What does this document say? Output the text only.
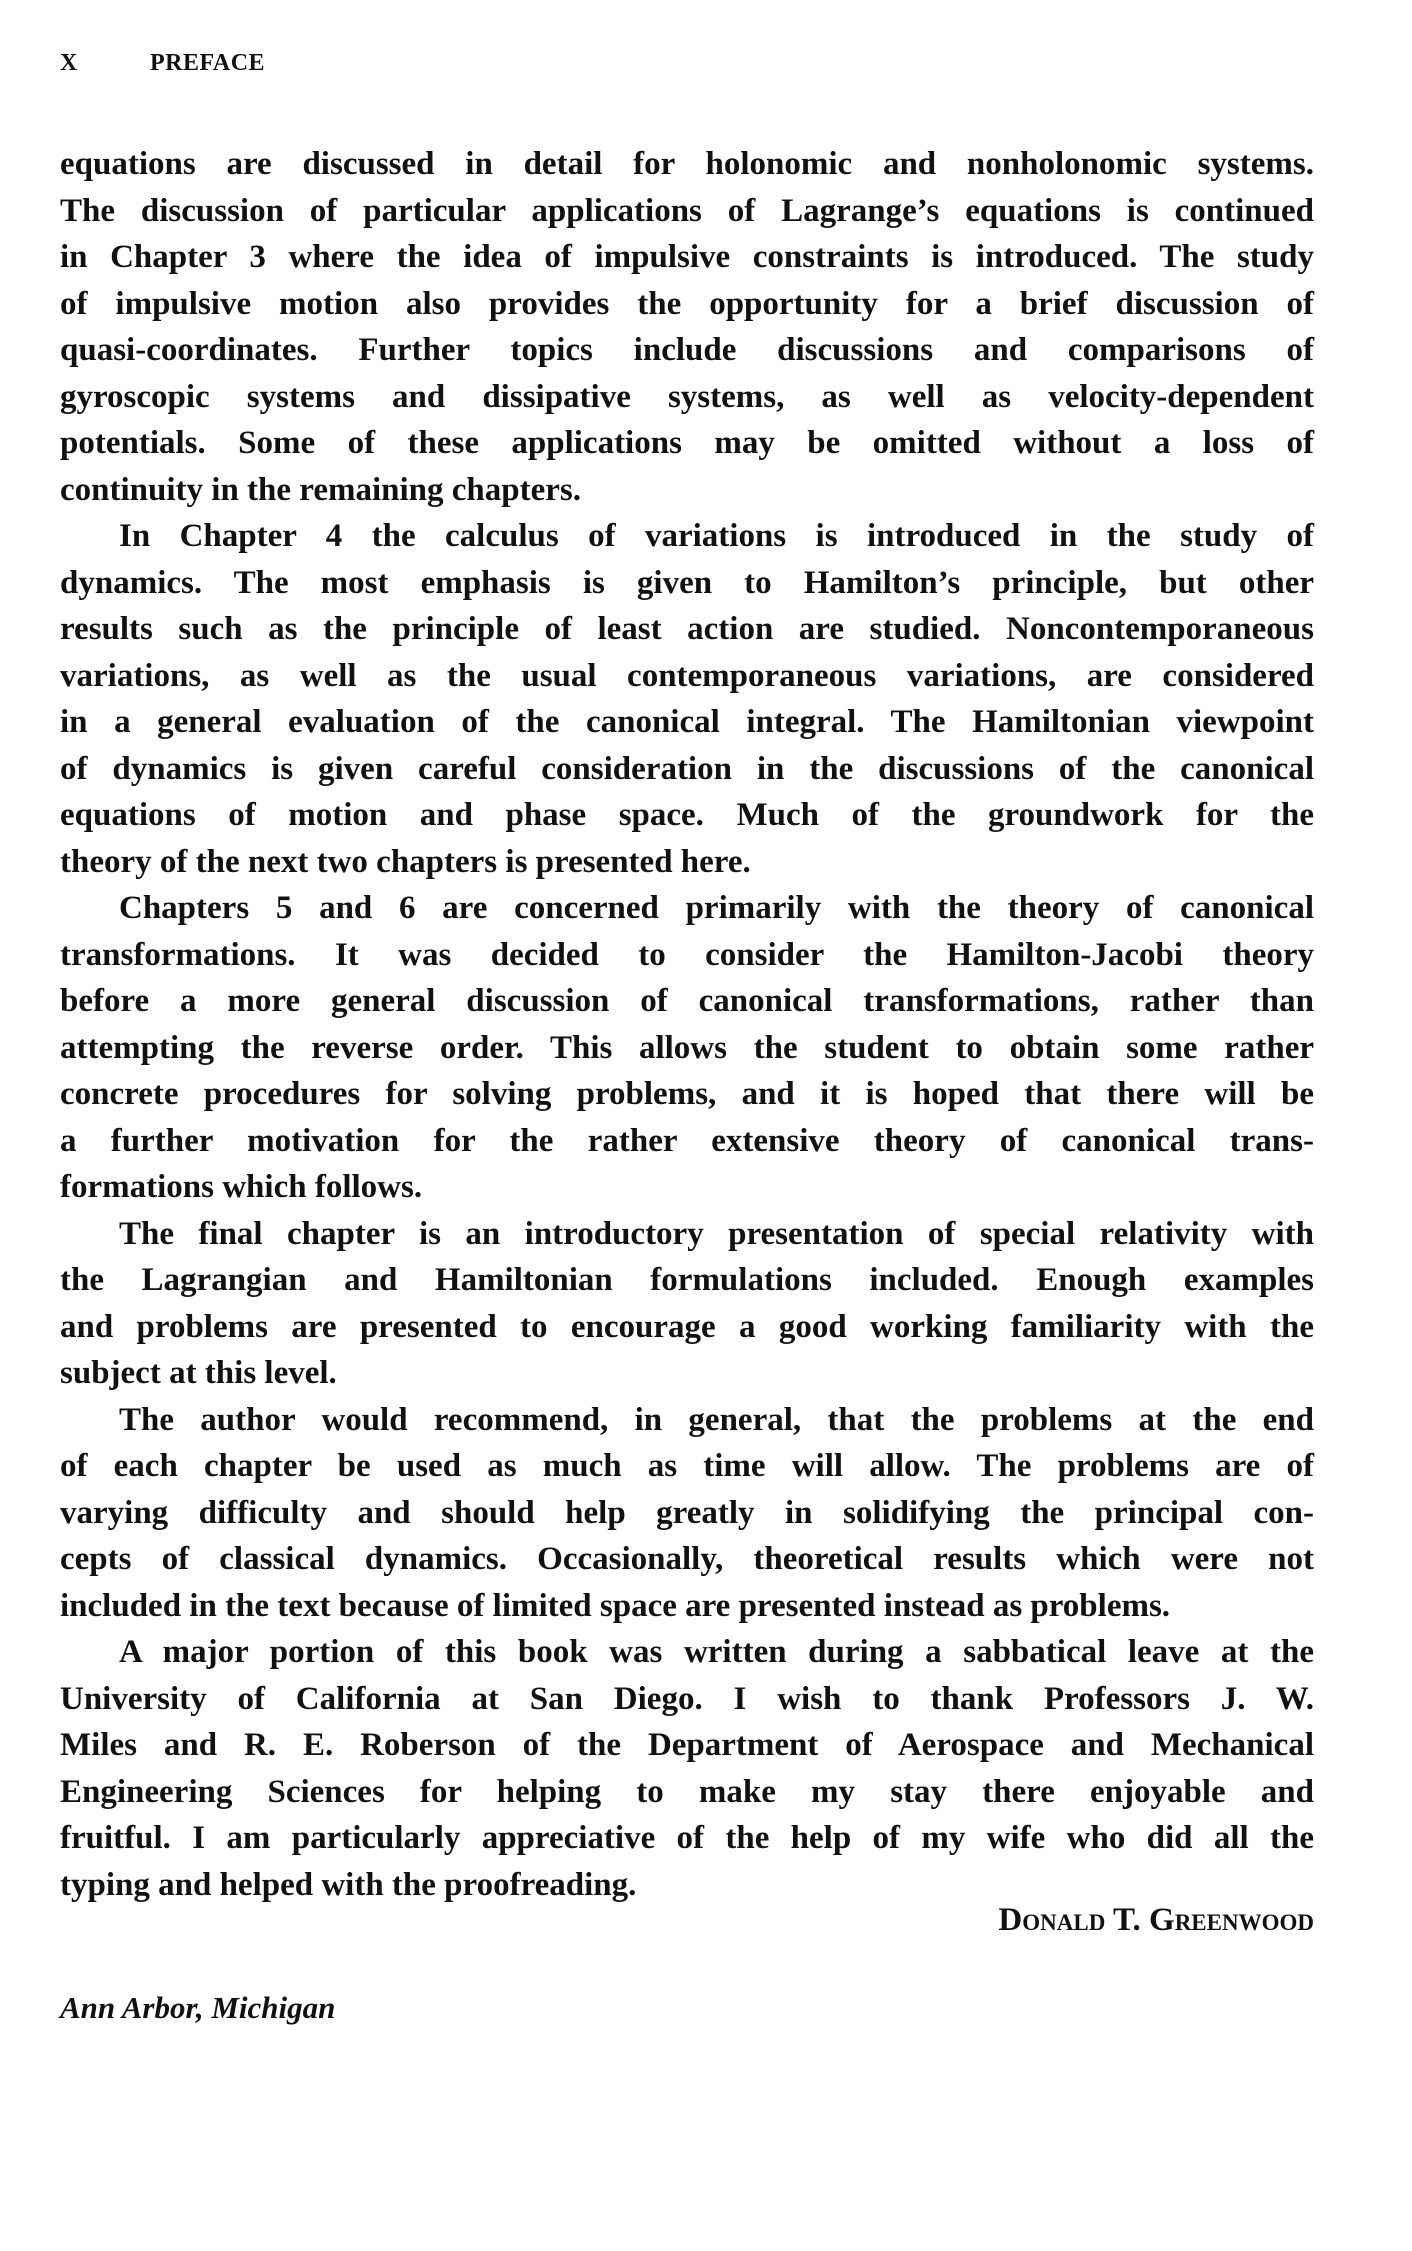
X	PREFACE
equations are discussed in detail for holonomic and nonholonomic systems.
The discussion of particular applications of Lagrange’s equations is continued
in Chapter 3 where the idea of impulsive constraints is introduced. The study
of impulsive motion also provides the opportunity for a brief discussion of
quasi-coordinates. Further topics include discussions and comparisons of
gyroscopic systems and dissipative systems, as well as velocity-dependent
potentials. Some of these applications may be omitted without a loss of
continuity in the remaining chapters.
In Chapter 4 the calculus of variations is introduced in the study of
dynamics. The most emphasis is given to Hamilton’s principle, but other
results such as the principle of least action are studied. Noncontemporaneous
variations, as well as the usual contemporaneous variations, are considered
in a general evaluation of the canonical integral. The Hamiltonian viewpoint
of dynamics is given careful consideration in the discussions of the canonical
equations of motion and phase space. Much of the groundwork for the
theory of the next two chapters is presented here.
Chapters 5 and 6 are concerned primarily with the theory of canonical
transformations. It was decided to consider the Hamilton-Jacobi theory
before a more general discussion of canonical transformations, rather than
attempting the reverse order. This allows the student to obtain some rather
concrete procedures for solving problems, and it is hoped that there will be
a further motivation for the rather extensive theory of canonical trans-
formations which follows.
The final chapter is an introductory presentation of special relativity with
the Lagrangian and Hamiltonian formulations included. Enough examples
and problems are presented to encourage a good working familiarity with the
subject at this level.
The author would recommend, in general, that the problems at the end
of each chapter be used as much as time will allow. The problems are of
varying difficulty and should help greatly in solidifying the principal con-
cepts of classical dynamics. Occasionally, theoretical results which were not
included in the text because of limited space are presented instead as problems.
A major portion of this book was written during a sabbatical leave at the
University of California at San Diego. I wish to thank Professors J. W.
Miles and R. E. Roberson of the Department of Aerospace and Mechanical
Engineering Sciences for helping to make my stay there enjoyable and
fruitful. I am particularly appreciative of the help of my wife who did all the
typing and helped with the proofreading.
Donald T. Greenwood
Ann Arbor, Michigan
